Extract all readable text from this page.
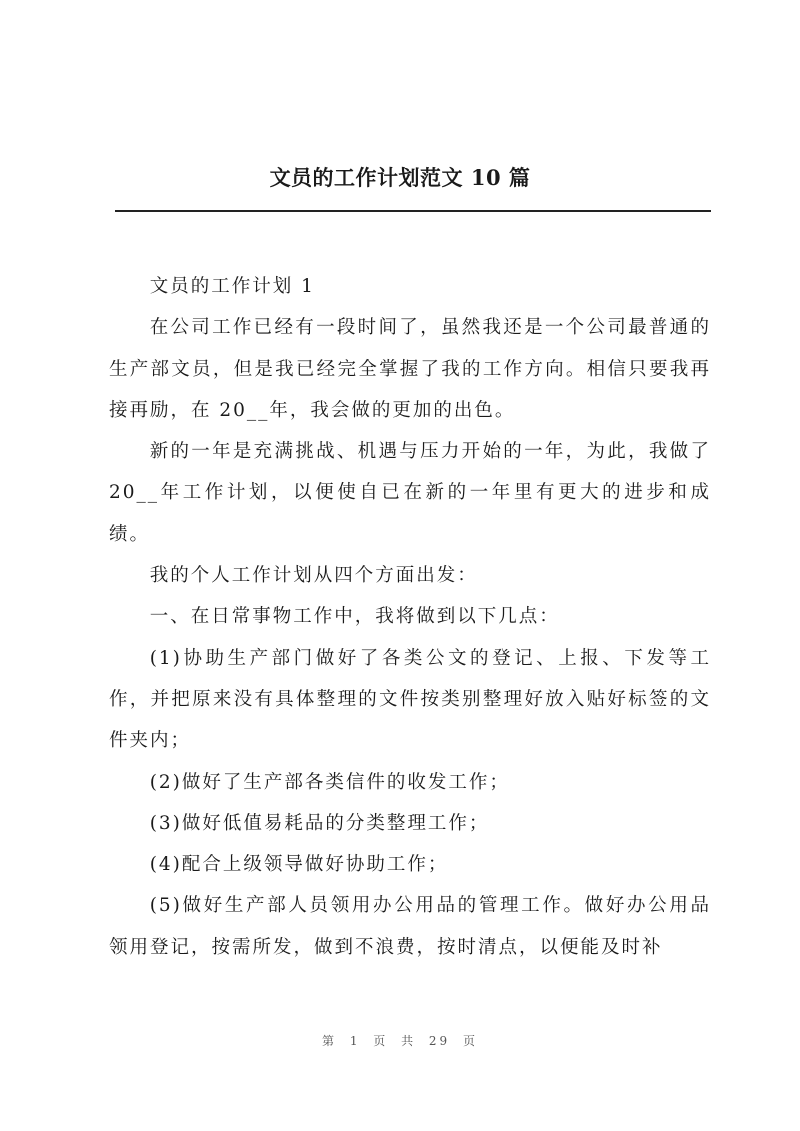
文员的工作计划范文 10 篇

文员的工作计划 1

在公司工作已经有一段时间了，虽然我还是一个公司最普通的生产部文员，但是我已经完全掌握了我的工作方向。相信只要我再接再励，在 20__年，我会做的更加的出色。

新的一年是充满挑战、机遇与压力开始的一年，为此，我做了 20__年工作计划，以便使自已在新的一年里有更大的进步和成绩。

我的个人工作计划从四个方面出发：

一、在日常事物工作中，我将做到以下几点：

(1)协助生产部门做好了各类公文的登记、上报、下发等工作，并把原来没有具体整理的文件按类别整理好放入贴好标签的文件夹内；

(2)做好了生产部各类信件的收发工作；

(3)做好低值易耗品的分类整理工作；

(4)配合上级领导做好协助工作；

(5)做好生产部人员领用办公用品的管理工作。做好办公用品领用登记，按需所发，做到不浪费，按时清点，以便能及时补

第 1 页 共 29 页
